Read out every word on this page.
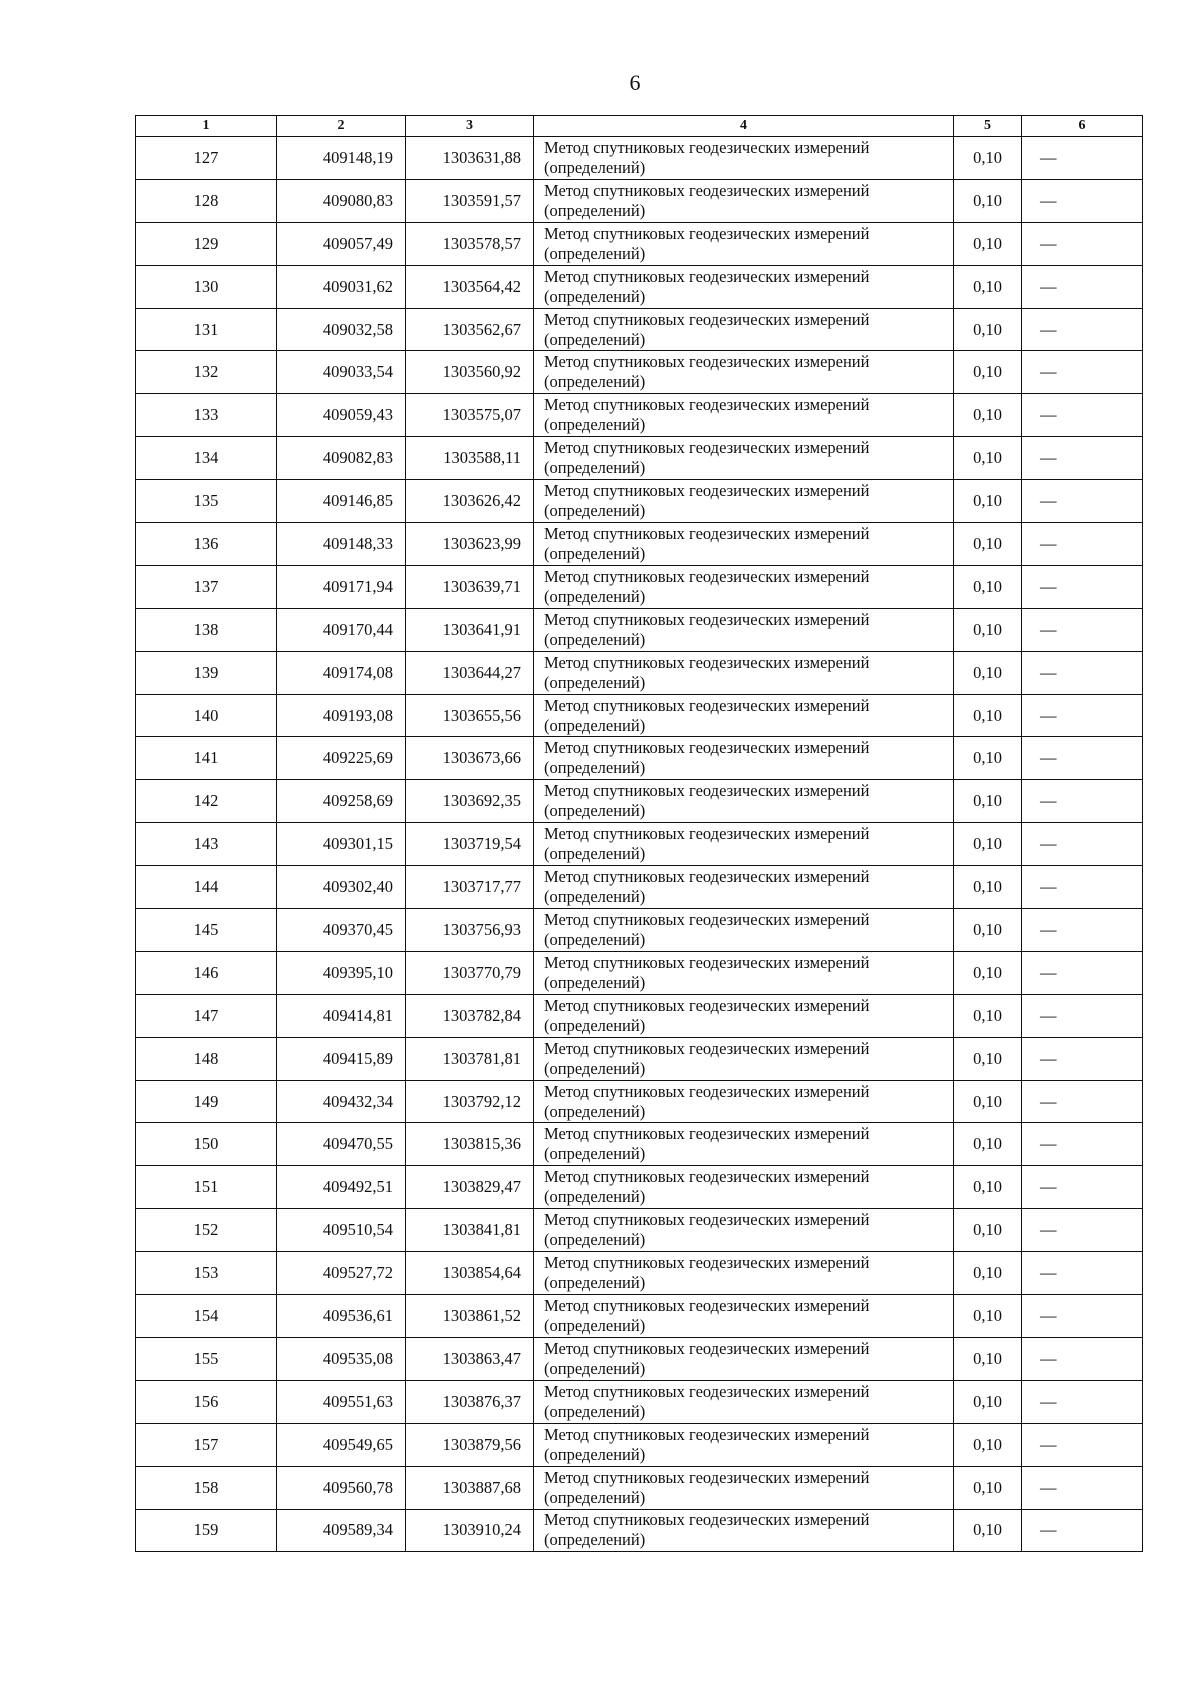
6
1	2	3	4	5	6
127	409148,19	1303631,88	Метод спутниковых геодезических измерений (определений)	0,10	—
128	409080,83	1303591,57	Метод спутниковых геодезических измерений (определений)	0,10	—
129	409057,49	1303578,57	Метод спутниковых геодезических измерений (определений)	0,10	—
130	409031,62	1303564,42	Метод спутниковых геодезических измерений (определений)	0,10	—
131	409032,58	1303562,67	Метод спутниковых геодезических измерений (определений)	0,10	—
132	409033,54	1303560,92	Метод спутниковых геодезических измерений (определений)	0,10	—
133	409059,43	1303575,07	Метод спутниковых геодезических измерений (определений)	0,10	—
134	409082,83	1303588,11	Метод спутниковых геодезических измерений (определений)	0,10	—
135	409146,85	1303626,42	Метод спутниковых геодезических измерений (определений)	0,10	—
136	409148,33	1303623,99	Метод спутниковых геодезических измерений (определений)	0,10	—
137	409171,94	1303639,71	Метод спутниковых геодезических измерений (определений)	0,10	—
138	409170,44	1303641,91	Метод спутниковых геодезических измерений (определений)	0,10	—
139	409174,08	1303644,27	Метод спутниковых геодезических измерений (определений)	0,10	—
140	409193,08	1303655,56	Метод спутниковых геодезических измерений (определений)	0,10	—
141	409225,69	1303673,66	Метод спутниковых геодезических измерений (определений)	0,10	—
142	409258,69	1303692,35	Метод спутниковых геодезических измерений (определений)	0,10	—
143	409301,15	1303719,54	Метод спутниковых геодезических измерений (определений)	0,10	—
144	409302,40	1303717,77	Метод спутниковых геодезических измерений (определений)	0,10	—
145	409370,45	1303756,93	Метод спутниковых геодезических измерений (определений)	0,10	—
146	409395,10	1303770,79	Метод спутниковых геодезических измерений (определений)	0,10	—
147	409414,81	1303782,84	Метод спутниковых геодезических измерений (определений)	0,10	—
148	409415,89	1303781,81	Метод спутниковых геодезических измерений (определений)	0,10	—
149	409432,34	1303792,12	Метод спутниковых геодезических измерений (определений)	0,10	—
150	409470,55	1303815,36	Метод спутниковых геодезических измерений (определений)	0,10	—
151	409492,51	1303829,47	Метод спутниковых геодезических измерений (определений)	0,10	—
152	409510,54	1303841,81	Метод спутниковых геодезических измерений (определений)	0,10	—
153	409527,72	1303854,64	Метод спутниковых геодезических измерений (определений)	0,10	—
154	409536,61	1303861,52	Метод спутниковых геодезических измерений (определений)	0,10	—
155	409535,08	1303863,47	Метод спутниковых геодезических измерений (определений)	0,10	—
156	409551,63	1303876,37	Метод спутниковых геодезических измерений (определений)	0,10	—
157	409549,65	1303879,56	Метод спутниковых геодезических измерений (определений)	0,10	—
158	409560,78	1303887,68	Метод спутниковых геодезических измерений (определений)	0,10	—
159	409589,34	1303910,24	Метод спутниковых геодезических измерений (определений)	0,10	—
